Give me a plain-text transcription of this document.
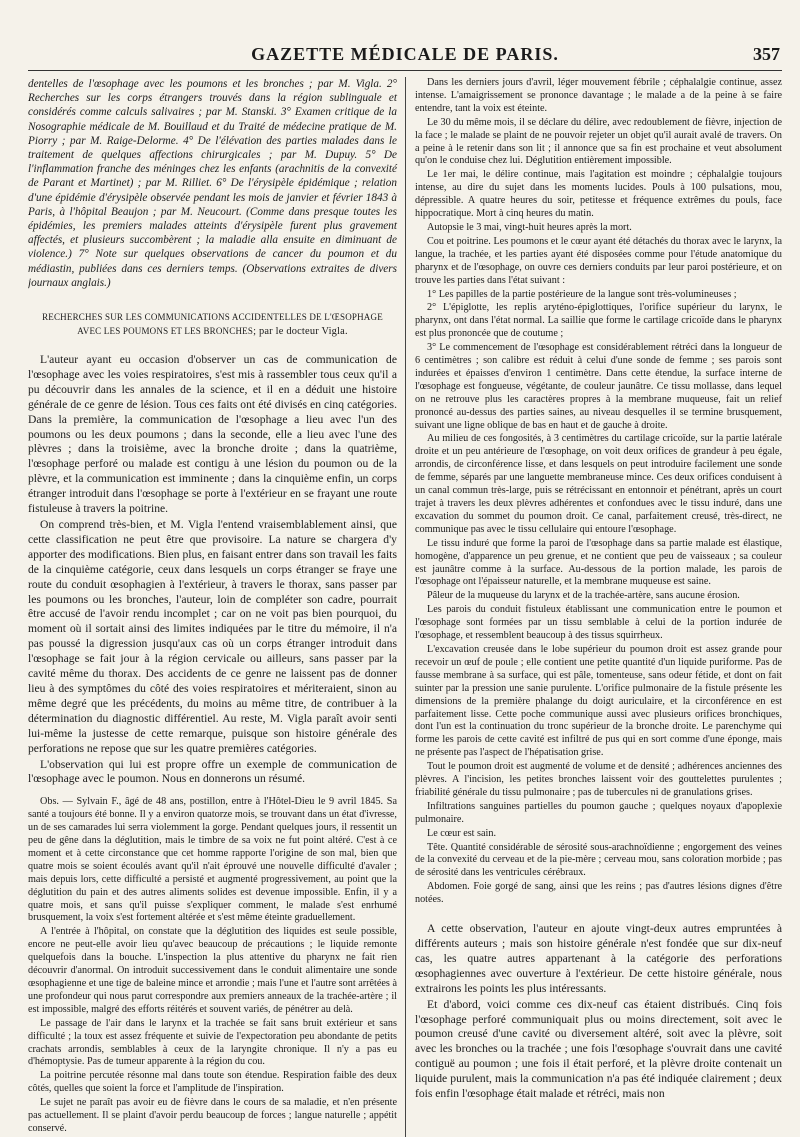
GAZETTE MÉDICALE DE PARIS.	357

dentelles de l'œsophage avec les poumons et les bronches ; par M. Vigla. 2° Recherches sur les corps étrangers trouvés dans la région sublinguale et considérés comme calculs salivaires ; par M. Stanski. 3° Examen critique de la Nosographie médicale de M. Bouillaud et du Traité de médecine pratique de M. Piorry ; par M. Raige-Delorme. 4° De l'élévation des parties malades dans le traitement de quelques affections chirurgicales ; par M. Dupuy. 5° De l'inflammation franche des méninges chez les enfants (arachnitis de la convexité de Parant et Martinet) ; par M. Rilliet. 6° De l'érysipèle épidémique ; relation d'une épidémie d'érysipèle observée pendant les mois de janvier et février 1843 à Paris, à l'hôpital Beaujon ; par M. Neucourt. (Comme dans presque toutes les épidémies, les premiers malades atteints d'érysipèle furent plus gravement affectés, et plusieurs succombèrent ; la maladie alla ensuite en diminuant de violence.) 7° Note sur quelques observations de cancer du poumon et du médiastin, publiées dans ces derniers temps. (Observations extraites de divers journaux anglais.)

RECHERCHES SUR LES COMMUNICATIONS ACCIDENTELLES DE L'ŒSOPHAGE
AVEC LES POUMONS ET LES BRONCHES; par le docteur Vigla.

L'auteur ayant eu occasion d'observer un cas de communication de l'œsophage avec les voies respiratoires, s'est mis à rassembler tous ceux qu'il a pu découvrir dans les annales de la science, et il en a déduit une histoire générale de ce genre de lésion. Tous ces faits ont été divisés en cinq catégories. Dans la première, la communication de l'œsophage a lieu avec l'un des poumons ou les deux poumons ; dans la seconde, elle a lieu avec l'une des plèvres ; dans la troisième, avec la bronche droite ; dans la quatrième, l'œsophage perforé ou malade est contigu à une lésion du poumon ou de la plèvre, et la communication est imminente ; dans la cinquième enfin, un corps étranger introduit dans l'œsophage se porte à l'extérieur en se frayant une route fistuleuse à travers la poitrine.

On comprend très-bien, et M. Vigla l'entend vraisemblablement ainsi, que cette classification ne peut être que provisoire. La nature se chargera d'y apporter des modifications. Bien plus, en faisant entrer dans son travail les faits de la cinquième catégorie, ceux dans lesquels un corps étranger se fraye une route du conduit œsophagien à l'extérieur, à travers le thorax, sans passer par les poumons ou les bronches, l'auteur, loin de compléter son cadre, pourrait être accusé de l'avoir rendu incomplet ; car on ne voit pas bien pourquoi, du moment où il sortait ainsi des limites indiquées par le titre du mémoire, il n'a pas poussé la digression jusqu'aux cas où un corps étranger introduit dans l'œsophage se fait jour à la région cervicale ou ailleurs, sans passer par la cavité même du thorax. Des accidents de ce genre ne laissent pas de donner lieu à des symptômes du côté des voies respiratoires et mériteraient, sinon au même degré que les précédents, du moins au même titre, de contribuer à la détermination du diagnostic différentiel. Au reste, M. Vigla paraît avoir senti lui-même la justesse de cette remarque, puisque son histoire générale des perforations ne repose que sur les quatre premières catégories.

L'observation qui lui est propre offre un exemple de communication de l'œsophage avec le poumon. Nous en donnerons un résumé.

Obs. — Sylvain F., âgé de 48 ans, postillon, entre à l'Hôtel-Dieu le 9 avril 1845. Sa santé a toujours été bonne. Il y a environ quatorze mois, se trouvant dans un état d'ivresse, un de ses camarades lui serra violemment la gorge. Pendant quelques jours, il ressentit un peu de gêne dans la déglutition, mais le timbre de sa voix ne fut point altéré. C'est à ce moment et à cette circonstance que cet homme rapporte l'origine de son mal, bien que quatre mois se soient écoulés avant qu'il n'ait éprouvé une nouvelle difficulté d'avaler ; mais depuis lors, cette difficulté a persisté et augmenté progressivement, au point que la déglutition du pain et des autres aliments solides est devenue impossible. Enfin, il y a quatre mois, et sans qu'il puisse s'expliquer comment, le malade s'est enrhumé brusquement, la voix s'est fortement altérée et s'est même éteinte graduellement.

A l'entrée à l'hôpital, on constate que la déglutition des liquides est seule possible, encore ne peut-elle avoir lieu qu'avec beaucoup de précautions ; le liquide remonte quelquefois dans la bouche. L'inspection la plus attentive du pharynx ne fait rien découvrir d'anormal. On introduit successivement dans le conduit alimentaire une sonde œsophagienne et une tige de baleine mince et arrondie ; mais l'une et l'autre sont arrêtées à une profondeur qui nous parut correspondre aux premiers anneaux de la trachée-artère ; il est impossible, malgré des efforts réitérés et souvent variés, de pénétrer au delà.

Le passage de l'air dans le larynx et la trachée se fait sans bruit extérieur et sans difficulté ; la toux est assez fréquente et suivie de l'expectoration peu abondante de petits crachats arrondis, semblables à ceux de la laryngite chronique. Il n'y a pas eu d'hémoptysie. Pas de tumeur apparente à la région du cou.

La poitrine percutée résonne mal dans toute son étendue. Respiration faible des deux côtés, quelles que soient la force et l'amplitude de l'inspiration.

Le sujet ne paraît pas avoir eu de fièvre dans le cours de sa maladie, et n'en présente pas actuellement. Il se plaint d'avoir perdu beaucoup de forces ; langue naturelle ; appétit conservé.

Dans les derniers jours d'avril, léger mouvement fébrile ; céphalalgie continue, assez intense. L'amaigrissement se prononce davantage ; le malade a de la peine à se faire entendre, tant la voix est éteinte.

Le 30 du même mois, il se déclare du délire, avec redoublement de fièvre, injection de la face ; le malade se plaint de ne pouvoir rejeter un objet qu'il aurait avalé de travers. On a peine à le retenir dans son lit ; il annonce que sa fin est prochaine et veut absolument qu'on le conduise chez lui. Déglutition entièrement impossible.

Le 1er mai, le délire continue, mais l'agitation est moindre ; céphalalgie toujours intense, au dire du sujet dans les moments lucides. Pouls à 100 pulsations, mou, dépressible. A quatre heures du soir, petitesse et fréquence extrêmes du pouls, face hippocratique. Mort à cinq heures du matin.

Autopsie le 3 mai, vingt-huit heures après la mort.

Cou et poitrine. Les poumons et le cœur ayant été détachés du thorax avec le larynx, la langue, la trachée, et les parties ayant été disposées comme pour l'étude anatomique du pharynx et de l'œsophage, on ouvre ces derniers conduits par leur paroi postérieure, et on trouve les parties dans l'état suivant :

1° Les papilles de la partie postérieure de la langue sont très-volumineuses ;

2° L'épiglotte, les replis aryténo-épiglottiques, l'orifice supérieur du larynx, le pharynx, ont dans l'état normal. La saillie que forme le cartilage cricoïde dans le pharynx est plus prononcée que de coutume ;

3° Le commencement de l'œsophage est considérablement rétréci dans la longueur de 6 centimètres ; son calibre est réduit à celui d'une sonde de femme ; ses parois sont indurées et épaisses d'environ 1 centimètre. Dans cette étendue, la surface interne de l'œsophage est fongueuse, végétante, de couleur jaunâtre. Ce tissu mollasse, dans lequel on ne retrouve plus les caractères propres à la membrane muqueuse, fait un relief prononcé au-dessus des parties saines, au niveau desquelles il se termine brusquement, suivant une ligne oblique de bas en haut et de gauche à droite.

Au milieu de ces fongosités, à 3 centimètres du cartilage cricoïde, sur la partie latérale droite et un peu antérieure de l'œsophage, on voit deux orifices de grandeur à peu égale, arrondis, de circonférence lisse, et dans lesquels on peut introduire facilement une sonde de femme, séparés par une languette membraneuse mince. Ces deux orifices conduisent à un canal commun très-large, puis se rétrécissant en entonnoir et pénétrant, après un court trajet à travers les deux plèvres adhérentes et confondues avec le tissu induré, dans une excavation du sommet du poumon droit. Ce canal, parfaitement creusé, très-direct, ne communique pas avec le tissu cellulaire qui entoure l'œsophage.

Le tissu induré que forme la paroi de l'œsophage dans sa partie malade est élastique, homogène, d'apparence un peu grenue, et ne contient que peu de vaisseaux ; sa couleur est jaunâtre comme à la surface. Au-dessous de la portion malade, les parois de l'œsophage ont l'épaisseur naturelle, et la membrane muqueuse est saine.

Pâleur de la muqueuse du larynx et de la trachée-artère, sans aucune érosion.

Les parois du conduit fistuleux établissant une communication entre le poumon et l'œsophage sont formées par un tissu semblable à celui de la portion indurée de l'œsophage, et ressemblent beaucoup à des tissus squirrheux.

L'excavation creusée dans le lobe supérieur du poumon droit est assez grande pour recevoir un œuf de poule ; elle contient une petite quantité d'un liquide puriforme. Pas de fausse membrane à sa surface, qui est pâle, tomenteuse, sans odeur fétide, et dont on fait suinter par la pression une sanie purulente. L'orifice pulmonaire de la fistule présente les dimensions de la première phalange du doigt auriculaire, et la circonférence en est parfaitement lisse. Cette poche communique aussi avec plusieurs orifices bronchiques, dont l'un est la continuation du tronc supérieur de la bronche droite. Le parenchyme qui forme les parois de cette cavité est infiltré de pus qui en sort comme d'une éponge, mais ne présente pas l'aspect de l'hépatisation grise.

Tout le poumon droit est augmenté de volume et de densité ; adhérences anciennes des plèvres. A l'incision, les petites bronches laissent voir des gouttelettes purulentes ; friabilité générale du tissu pulmonaire ; pas de tubercules ni de granulations grises.

Infiltrations sanguines partielles du poumon gauche ; quelques noyaux d'apoplexie pulmonaire.

Le cœur est sain.

Tête. Quantité considérable de sérosité sous-arachnoïdienne ; engorgement des veines de la convexité du cerveau et de la pie-mère ; cerveau mou, sans coloration morbide ; pas de sérosité dans les ventricules cérébraux.

Abdomen. Foie gorgé de sang, ainsi que les reins ; pas d'autres lésions dignes d'être notées.

A cette observation, l'auteur en ajoute vingt-deux autres empruntées à différents auteurs ; mais son histoire générale n'est fondée que sur dix-neuf cas, les quatre autres appartenant à la catégorie des perforations œsophagiennes avec ouverture à l'extérieur. De cette histoire générale, nous extrairons les points les plus intéressants.

Et d'abord, voici comme ces dix-neuf cas étaient distribués. Cinq fois l'œsophage perforé communiquait plus ou moins directement, soit avec le poumon creusé d'une cavité ou diversement altéré, soit avec la plèvre, soit avec les bronches ou la trachée ; une fois l'œsophage s'ouvrait dans une cavité contiguë au poumon ; une fois il était perforé, et la plèvre droite contenait un liquide purulent, mais la communication n'a pas été indiquée clairement ; deux fois enfin l'œsophage était malade et rétréci, mais non
